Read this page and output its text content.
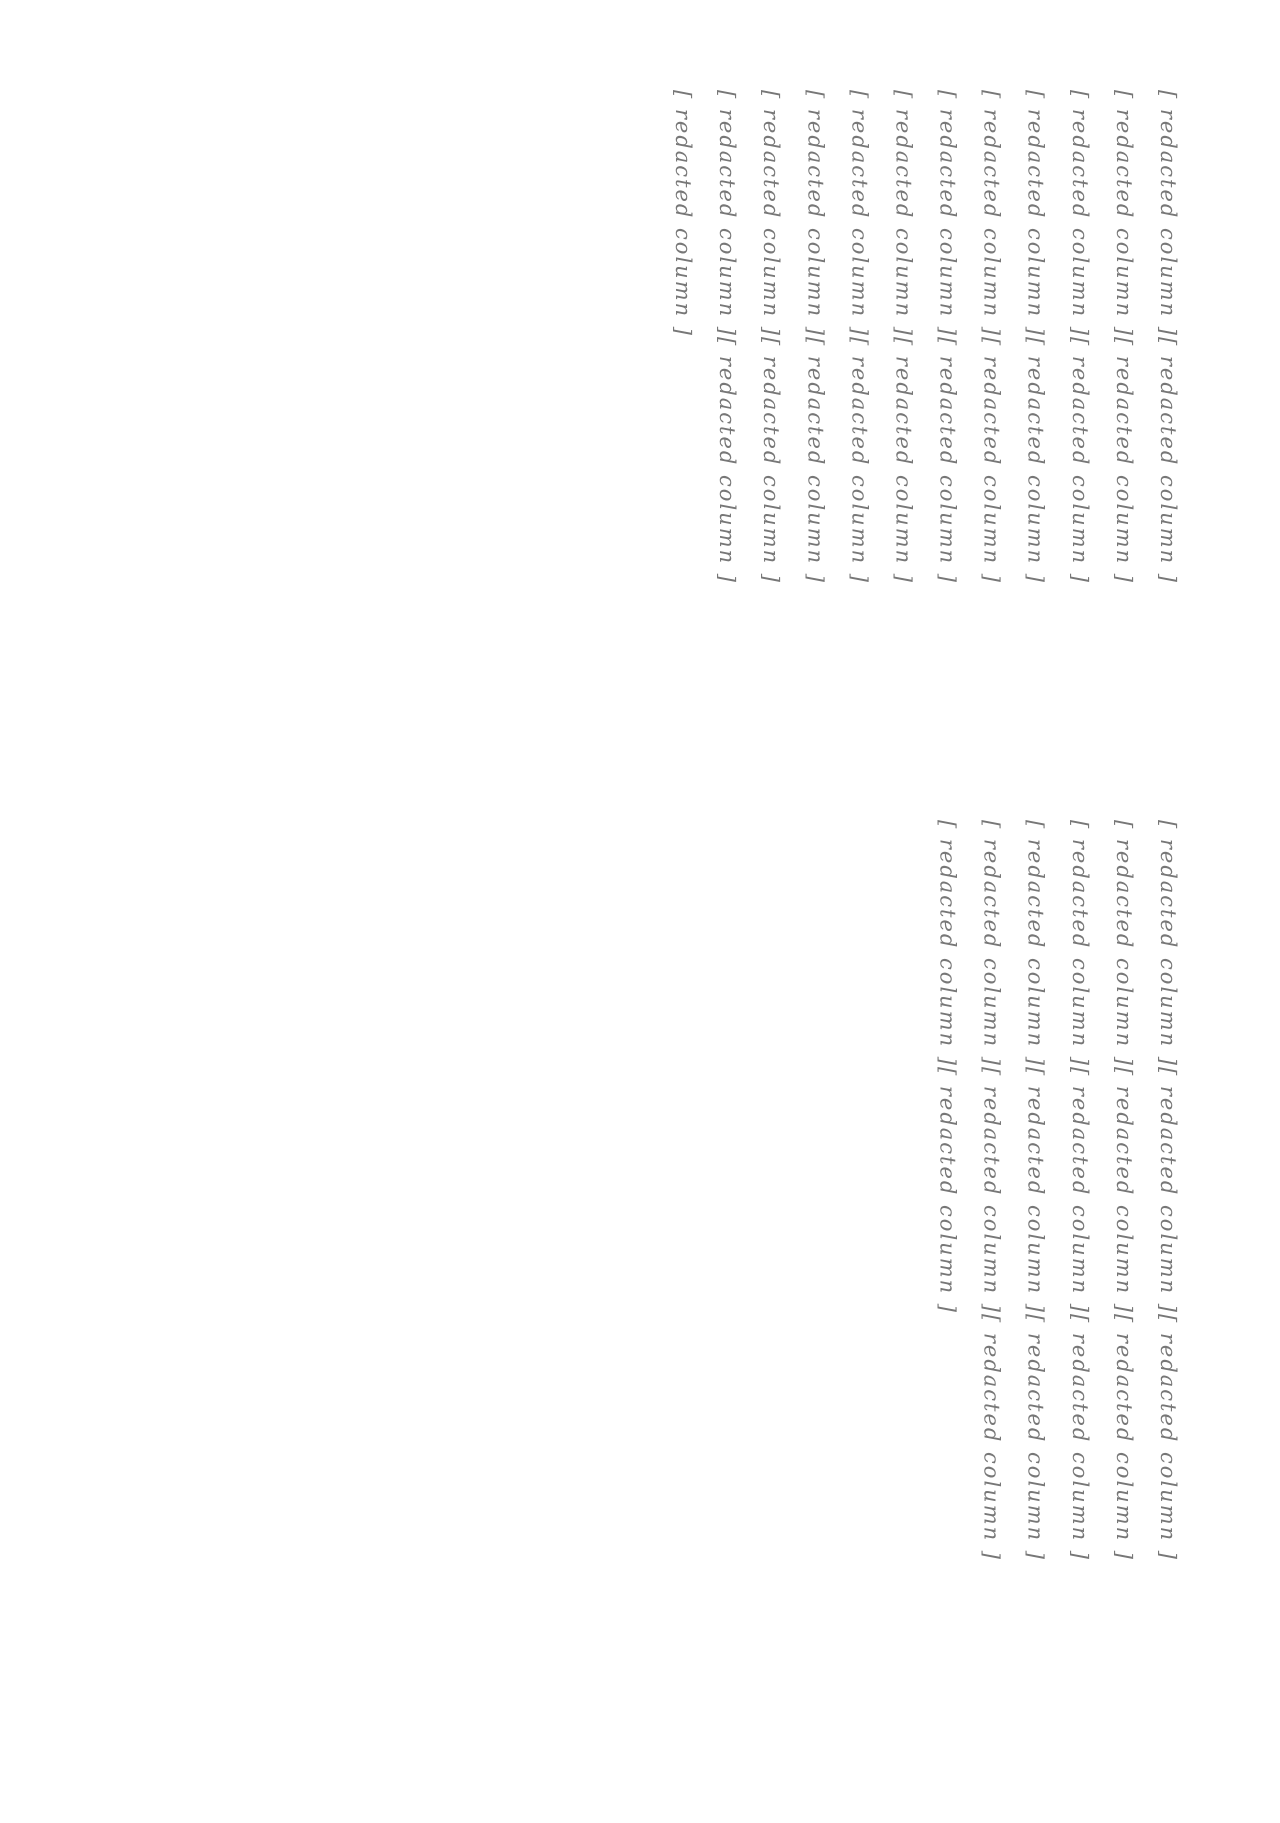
[ redacted column ][ redacted column ][ redacted column ][ redacted column ][ redacted column ][ redacted column ][ redacted column ][ redacted column ][ redacted column ][ redacted column ][ redacted column ][ redacted column ][ redacted column ][ redacted column ][ redacted column ][ redacted column ][ redacted column ][ redacted column ][ redacted column ][ redacted column ][ redacted column ][ redacted column ][ redacted column ]
[ redacted column ][ redacted column ][ redacted column ][ redacted column ][ redacted column ][ redacted column ][ redacted column ][ redacted column ][ redacted column ][ redacted column ][ redacted column ][ redacted column ][ redacted column ][ redacted column ][ redacted column ][ redacted column ][ redacted column ]
